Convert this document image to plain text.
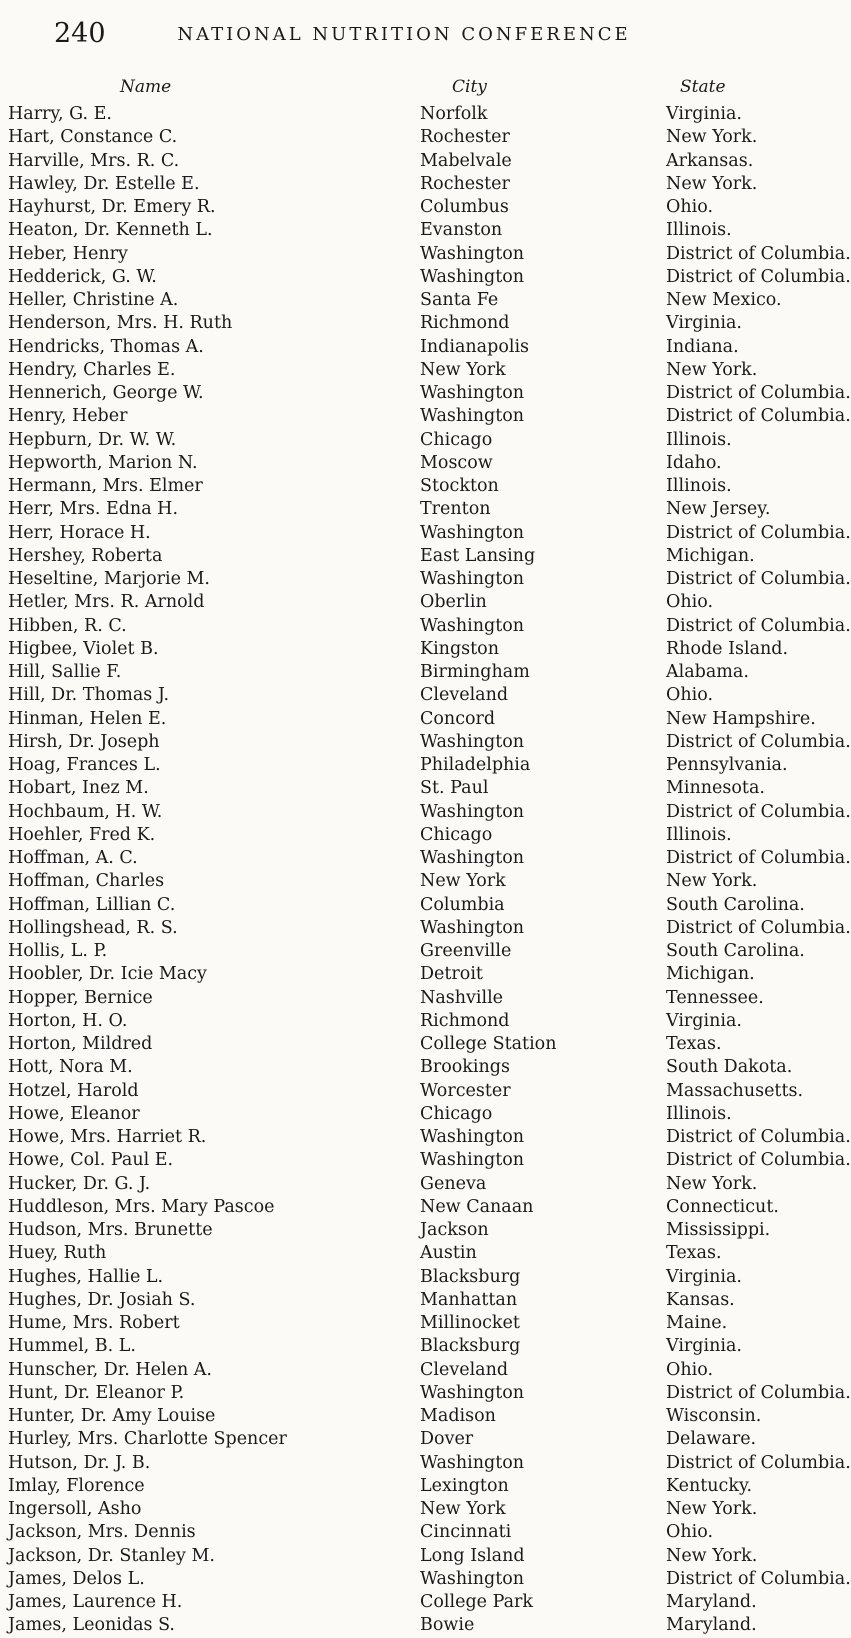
240	NATIONAL NUTRITION CONFERENCE
Name	City	State
Harry, G. E.	Norfolk	Virginia.
Hart, Constance C.	Rochester	New York.
Harville, Mrs. R. C.	Mabelvale	Arkansas.
Hawley, Dr. Estelle E.	Rochester	New York.
Hayhurst, Dr. Emery R.	Columbus	Ohio.
Heaton, Dr. Kenneth L.	Evanston	Illinois.
Heber, Henry	Washington	District of Columbia.
Hedderick, G. W.	Washington	District of Columbia.
Heller, Christine A.	Santa Fe	New Mexico.
Henderson, Mrs. H. Ruth	Richmond	Virginia.
Hendricks, Thomas A.	Indianapolis	Indiana.
Hendry, Charles E.	New York	New York.
Hennerich, George W.	Washington	District of Columbia.
Henry, Heber	Washington	District of Columbia.
Hepburn, Dr. W. W.	Chicago	Illinois.
Hepworth, Marion N.	Moscow	Idaho.
Hermann, Mrs. Elmer	Stockton	Illinois.
Herr, Mrs. Edna H.	Trenton	New Jersey.
Herr, Horace H.	Washington	District of Columbia.
Hershey, Roberta	East Lansing	Michigan.
Heseltine, Marjorie M.	Washington	District of Columbia.
Hetler, Mrs. R. Arnold	Oberlin	Ohio.
Hibben, R. C.	Washington	District of Columbia.
Higbee, Violet B.	Kingston	Rhode Island.
Hill, Sallie F.	Birmingham	Alabama.
Hill, Dr. Thomas J.	Cleveland	Ohio.
Hinman, Helen E.	Concord	New Hampshire.
Hirsh, Dr. Joseph	Washington	District of Columbia.
Hoag, Frances L.	Philadelphia	Pennsylvania.
Hobart, Inez M.	St. Paul	Minnesota.
Hochbaum, H. W.	Washington	District of Columbia.
Hoehler, Fred K.	Chicago	Illinois.
Hoffman, A. C.	Washington	District of Columbia.
Hoffman, Charles	New York	New York.
Hoffman, Lillian C.	Columbia	South Carolina.
Hollingshead, R. S.	Washington	District of Columbia.
Hollis, L. P.	Greenville	South Carolina.
Hoobler, Dr. Icie Macy	Detroit	Michigan.
Hopper, Bernice	Nashville	Tennessee.
Horton, H. O.	Richmond	Virginia.
Horton, Mildred	College Station	Texas.
Hott, Nora M.	Brookings	South Dakota.
Hotzel, Harold	Worcester	Massachusetts.
Howe, Eleanor	Chicago	Illinois.
Howe, Mrs. Harriet R.	Washington	District of Columbia.
Howe, Col. Paul E.	Washington	District of Columbia.
Hucker, Dr. G. J.	Geneva	New York.
Huddleson, Mrs. Mary Pascoe	New Canaan	Connecticut.
Hudson, Mrs. Brunette	Jackson	Mississippi.
Huey, Ruth	Austin	Texas.
Hughes, Hallie L.	Blacksburg	Virginia.
Hughes, Dr. Josiah S.	Manhattan	Kansas.
Hume, Mrs. Robert	Millinocket	Maine.
Hummel, B. L.	Blacksburg	Virginia.
Hunscher, Dr. Helen A.	Cleveland	Ohio.
Hunt, Dr. Eleanor P.	Washington	District of Columbia.
Hunter, Dr. Amy Louise	Madison	Wisconsin.
Hurley, Mrs. Charlotte Spencer	Dover	Delaware.
Hutson, Dr. J. B.	Washington	District of Columbia.
Imlay, Florence	Lexington	Kentucky.
Ingersoll, Asho	New York	New York.
Jackson, Mrs. Dennis	Cincinnati	Ohio.
Jackson, Dr. Stanley M.	Long Island	New York.
James, Delos L.	Washington	District of Columbia.
James, Laurence H.	College Park	Maryland.
James, Leonidas S.	Bowie	Maryland.
